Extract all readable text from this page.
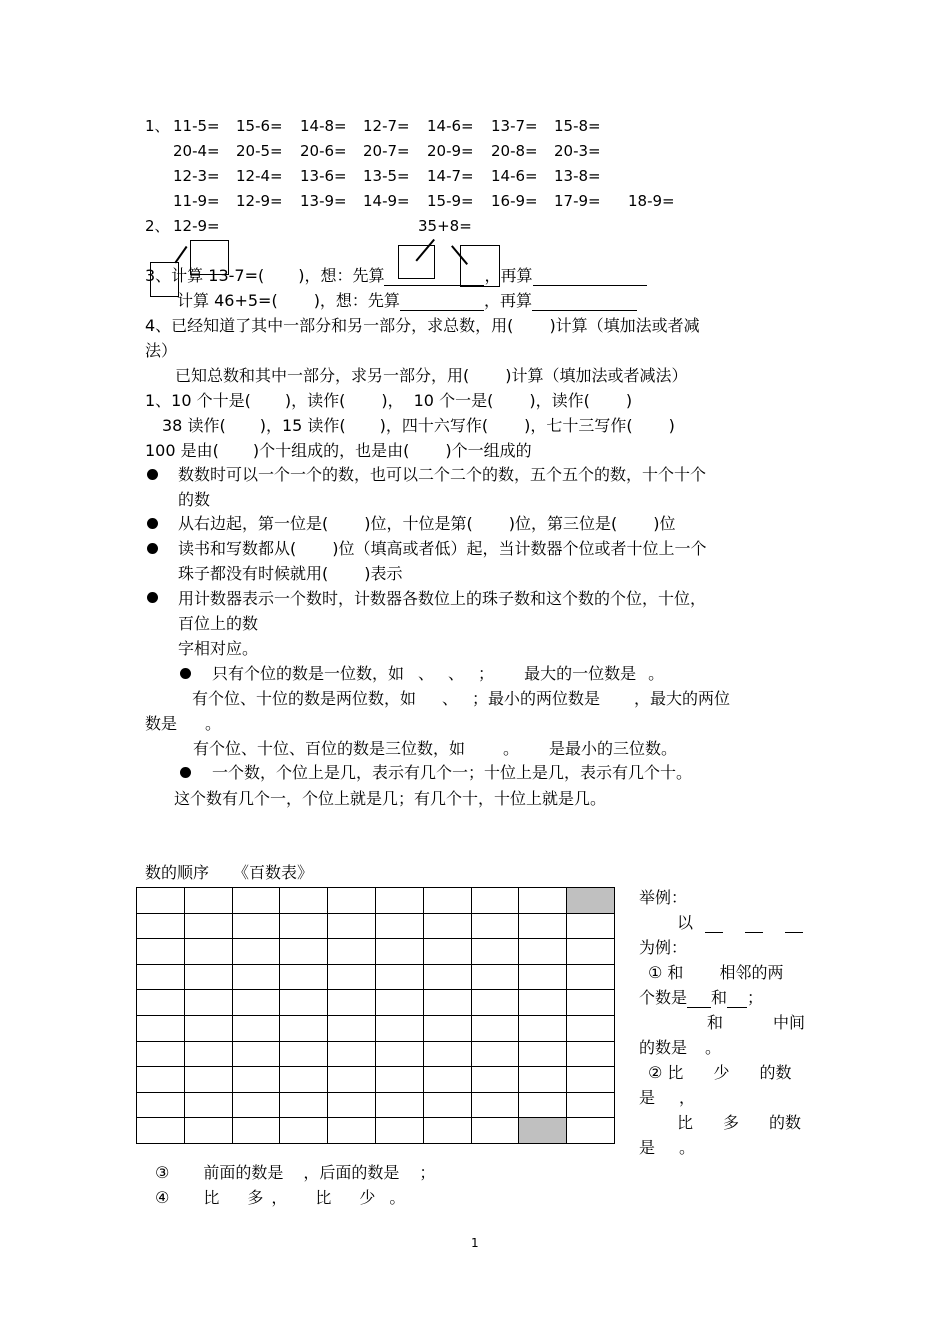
1、 11-5= 15-6= 14-8= 12-7= 14-6= 13-7= 15-8=
20-4= 20-5= 20-6= 20-7= 20-9= 20-8= 20-3=
12-3= 12-4= 13-6= 13-5= 14-7= 14-6= 13-8=
11-9= 12-9= 13-9= 14-9= 15-9= 16-9= 17-9= 18-9=
2、 12-9=	35+8=
3、计算 13-7=( )，想：先算	，再算
计算 46+5=( )，想：先算	，再算
4、已经知道了其中一部分和另一部分，求总数，用( )计算（填加法或者减
法）
已知总数和其中一部分，求另一部分，用( )计算（填加法或者减法）
1、10 个十是( )，读作( )， 10 个一是( )，读作( )
38 读作( )，15 读作( )，四十六写作( )，七十三写作( )
100 是由( )个十组成的，也是由( )个一组成的
数数时可以一个一个的数，也可以二个二个的数，五个五个的数，十个十个
的数
从右边起，第一位是( )位，十位是第( )位，第三位是( )位
读书和写数都从( )位（填高或者低）起，当计数器个位或者十位上一个
珠子都没有时候就用( )表示
用计数器表示一个数时，计数器各数位上的珠子数和这个数的个位，十位，
百位上的数
字相对应。
只有个位的数是一位数，如 、 、 ； 最大的一位数是 。
有个位、十位的数是两位数，如 、 ；最小的两位数是 ，最大的两位
数是 。
有个位、十位、百位的数是三位数，如 。 是最小的三位数。
一个数，个位上是几，表示有几个一；十位上是几，表示有几个十。
这个数有几个一，个位上就是几；有几个十，十位上就是几。
数的顺序 《百数表》

举例：
以
为例：
① 和 相邻的两
个数是 和 ；
和	中间
的数是 。
② 比 少 的数
是 ，
比 多 的数
是 。
③ 前面的数是 ，后面的数是 ；
④ 比 多 ， 比 少 。
1
